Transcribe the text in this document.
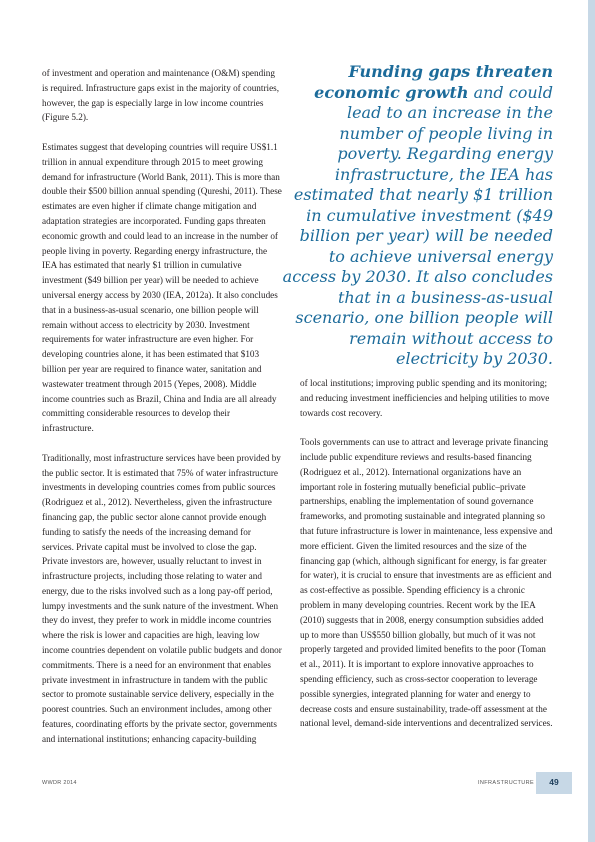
of investment and operation and maintenance (O&M) spending is required. Infrastructure gaps exist in the majority of countries, however, the gap is especially large in low income countries (Figure 5.2).

Estimates suggest that developing countries will require US$1.1 trillion in annual expenditure through 2015 to meet growing demand for infrastructure (World Bank, 2011). This is more than double their $500 billion annual spending (Qureshi, 2011). These estimates are even higher if climate change mitigation and adaptation strategies are incorporated. Funding gaps threaten economic growth and could lead to an increase in the number of people living in poverty. Regarding energy infrastructure, the IEA has estimated that nearly $1 trillion in cumulative investment ($49 billion per year) will be needed to achieve universal energy access by 2030 (IEA, 2012a). It also concludes that in a business-as-usual scenario, one billion people will remain without access to electricity by 2030. Investment requirements for water infrastructure are even higher. For developing countries alone, it has been estimated that $103 billion per year are required to finance water, sanitation and wastewater treatment through 2015 (Yepes, 2008). Middle income countries such as Brazil, China and India are all already committing considerable resources to develop their infrastructure.

Traditionally, most infrastructure services have been provided by the public sector. It is estimated that 75% of water infrastructure investments in developing countries comes from public sources (Rodriguez et al., 2012). Nevertheless, given the infrastructure financing gap, the public sector alone cannot provide enough funding to satisfy the needs of the increasing demand for services. Private capital must be involved to close the gap. Private investors are, however, usually reluctant to invest in infrastructure projects, including those relating to water and energy, due to the risks involved such as a long pay-off period, lumpy investments and the sunk nature of the investment. When they do invest, they prefer to work in middle income countries where the risk is lower and capacities are high, leaving low income countries dependent on volatile public budgets and donor commitments. There is a need for an environment that enables private investment in infrastructure in tandem with the public sector to promote sustainable service delivery, especially in the poorest countries. Such an environment includes, among other features, coordinating efforts by the private sector, governments and international institutions; enhancing capacity-building

Funding gaps threaten economic growth and could lead to an increase in the number of people living in poverty. Regarding energy infrastructure, the IEA has estimated that nearly $1 trillion in cumulative investment ($49 billion per year) will be needed to achieve universal energy access by 2030. It also concludes that in a business-as-usual scenario, one billion people will remain without access to electricity by 2030.

of local institutions; improving public spending and its monitoring; and reducing investment inefficiencies and helping utilities to move towards cost recovery.

Tools governments can use to attract and leverage private financing include public expenditure reviews and results-based financing (Rodriguez et al., 2012). International organizations have an important role in fostering mutually beneficial public–private partnerships, enabling the implementation of sound governance frameworks, and promoting sustainable and integrated planning so that future infrastructure is lower in maintenance, less expensive and more efficient. Given the limited resources and the size of the financing gap (which, although significant for energy, is far greater for water), it is crucial to ensure that investments are as efficient and as cost-effective as possible. Spending efficiency is a chronic problem in many developing countries. Recent work by the IEA (2010) suggests that in 2008, energy consumption subsidies added up to more than US$550 billion globally, but much of it was not properly targeted and provided limited benefits to the poor (Toman et al., 2011). It is important to explore innovative approaches to spending efficiency, such as cross-sector cooperation to leverage possible synergies, integrated planning for water and energy to decrease costs and ensure sustainability, trade-off assessment at the national level, demand-side interventions and decentralized services.

WWDR 2014	INFRASTRUCTURE	49
